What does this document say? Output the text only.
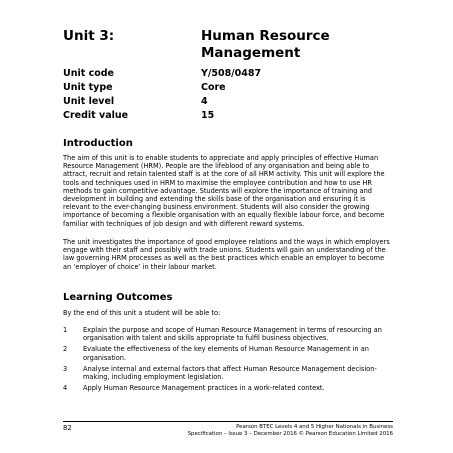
Unit 3:	Human Resource Management
Unit code	Y/508/0487
Unit type	Core
Unit level	4
Credit value	15
Introduction

The aim of this unit is to enable students to appreciate and apply principles of effective Human Resource Management (HRM). People are the lifeblood of any organisation and being able to attract, recruit and retain talented staff is at the core of all HRM activity. This unit will explore the tools and techniques used in HRM to maximise the employee contribution and how to use HR methods to gain competitive advantage. Students will explore the importance of training and development in building and extending the skills base of the organisation and ensuring it is relevant to the ever-changing business environment. Students will also consider the growing importance of becoming a flexible organisation with an equally flexible labour force, and become familiar with techniques of job design and with different reward systems.

The unit investigates the importance of good employee relations and the ways in which employers engage with their staff and possibly with trade unions. Students will gain an understanding of the law governing HRM processes as well as the best practices which enable an employer to become an ‘employer of choice’ in their labour market.

Learning Outcomes

By the end of this unit a student will be able to:

1 Explain the purpose and scope of Human Resource Management in terms of resourcing an organisation with talent and skills appropriate to fulfil business objectives.
2 Evaluate the effectiveness of the key elements of Human Resource Management in an organisation.
3 Analyse internal and external factors that affect Human Resource Management decision-making, including employment legislation.
4 Apply Human Resource Management practices in a work-related context.
82	Pearson BTEC Levels 4 and 5 Higher Nationals in Business
Specification – Issue 3 – December 2016 © Pearson Education Limited 2016
